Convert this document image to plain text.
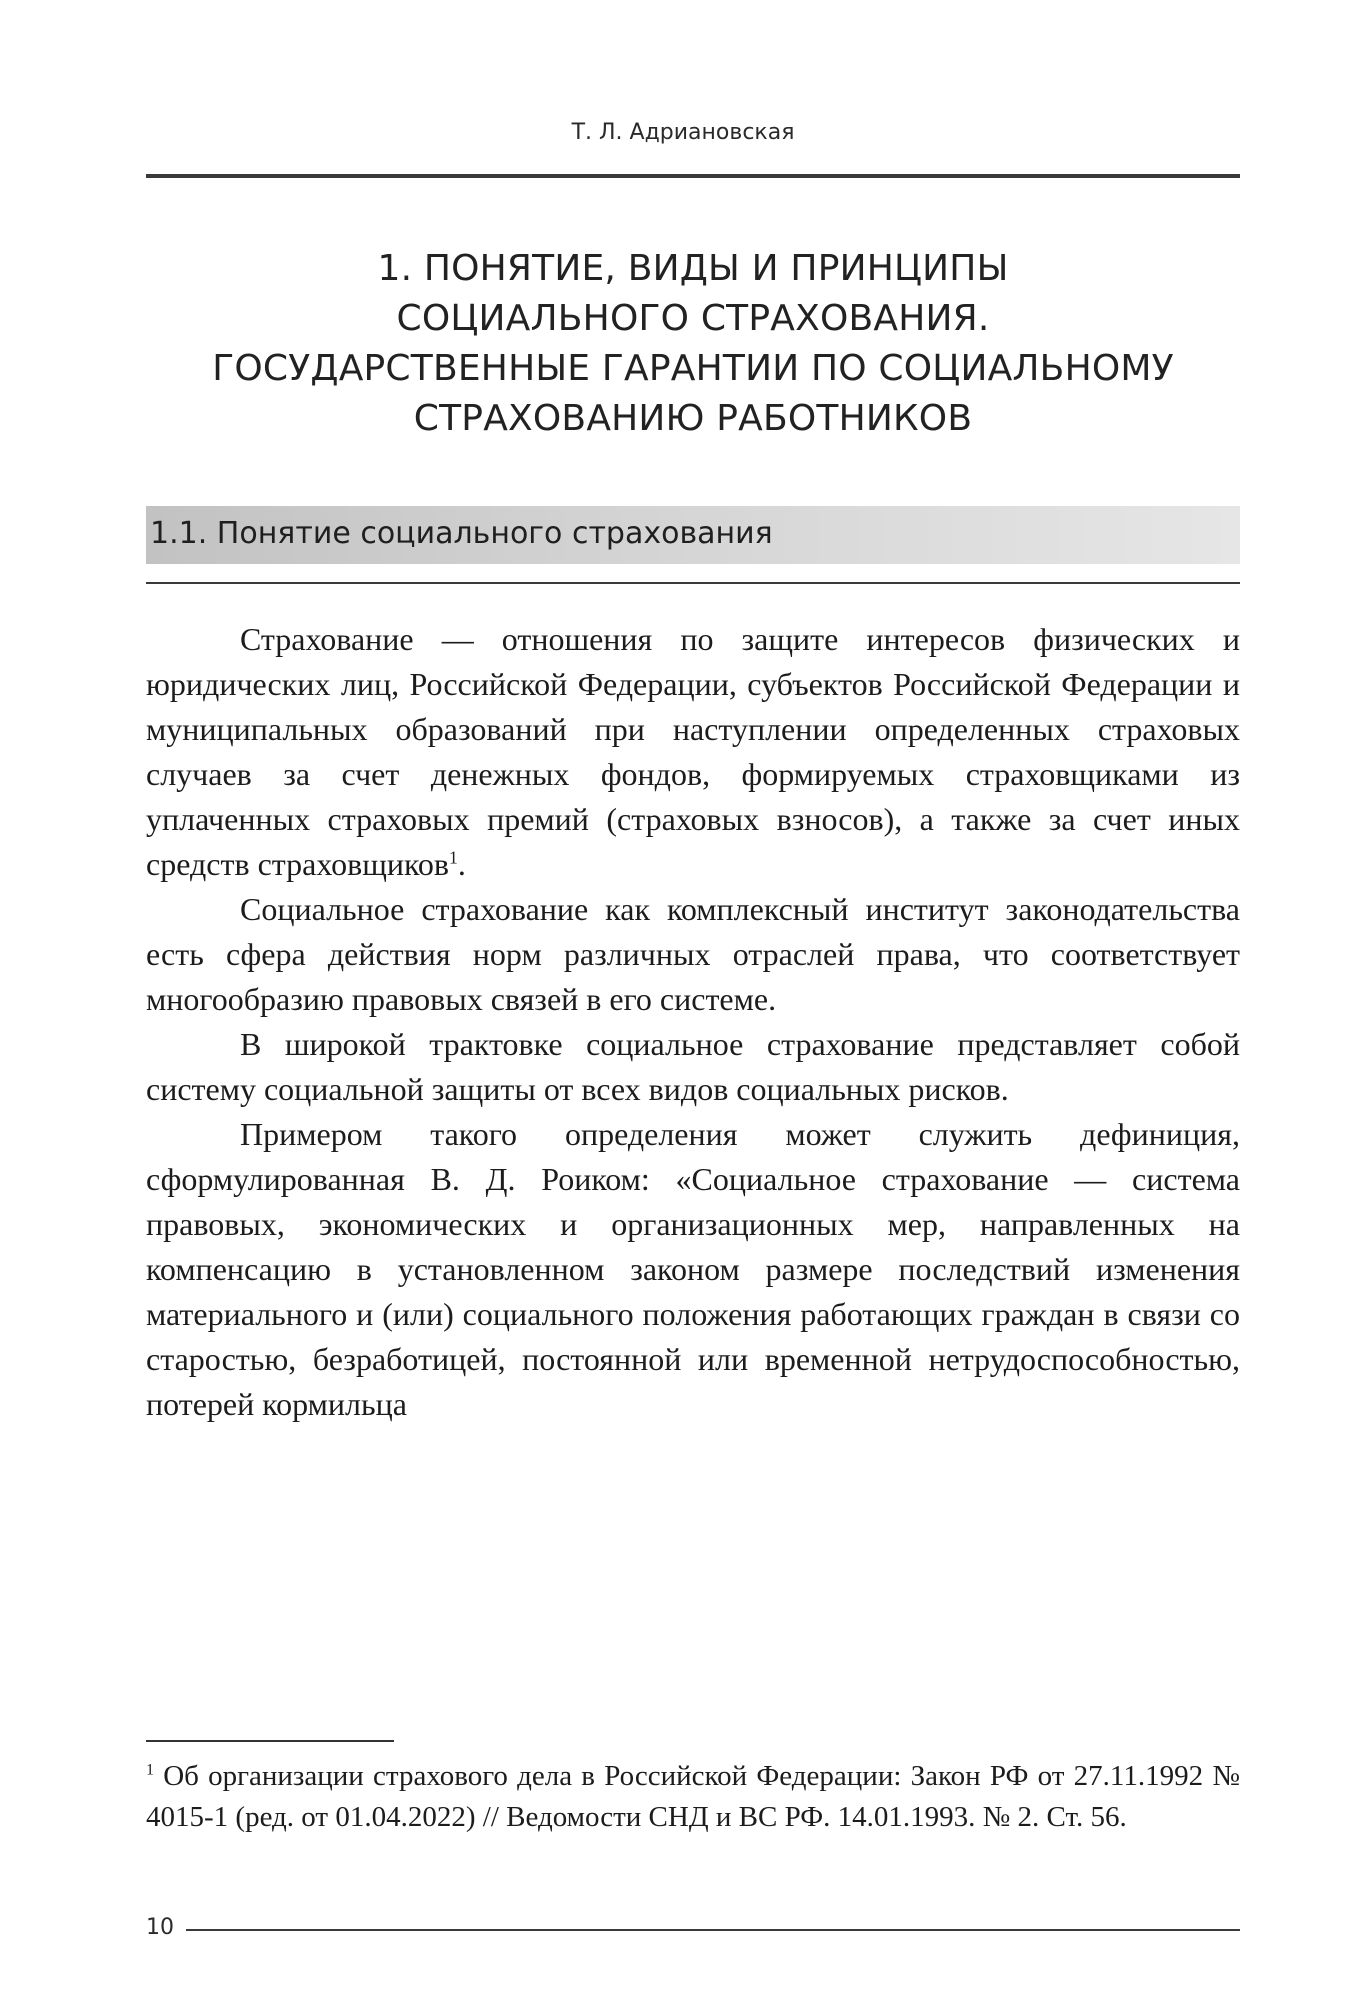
Т. Л. Адриановская
1. ПОНЯТИЕ, ВИДЫ И ПРИНЦИПЫ
СОЦИАЛЬНОГО СТРАХОВАНИЯ.
ГОСУДАРСТВЕННЫЕ ГАРАНТИИ ПО СОЦИАЛЬНОМУ
СТРАХОВАНИЮ РАБОТНИКОВ
1.1. Понятие социального страхования

Страхование — отношения по защите интересов физических и юридических лиц, Российской Федерации, субъектов Российской Федерации и муниципальных образований при наступлении определенных страховых случаев за счет денежных фондов, формируемых страховщиками из уплаченных страховых премий (страховых взносов), а также за счет иных средств страховщиков$^1$.

Социальное страхование как комплексный институт законодательства есть сфера действия норм различных отраслей права, что соответствует многообразию правовых связей в его системе.

В широкой трактовке социальное страхование представляет собой систему социальной защиты от всех видов социальных рисков.

Примером такого определения может служить дефиниция, сформулированная В. Д. Роиком: «Социальное страхование — система правовых, экономических и организационных мер, направленных на компенсацию в установленном законом размере последствий изменения материального и (или) социального положения работающих граждан в связи со старостью, безработицей, постоянной или временной нетрудоспособностью, потерей кормильца

$^1$ Об организации страхового дела в Российской Федерации: Закон РФ от 27.11.1992 № 4015-1 (ред. от 01.04.2022) // Ведомости СНД и ВС РФ. 14.01.1993. № 2. Ст. 56.

10
